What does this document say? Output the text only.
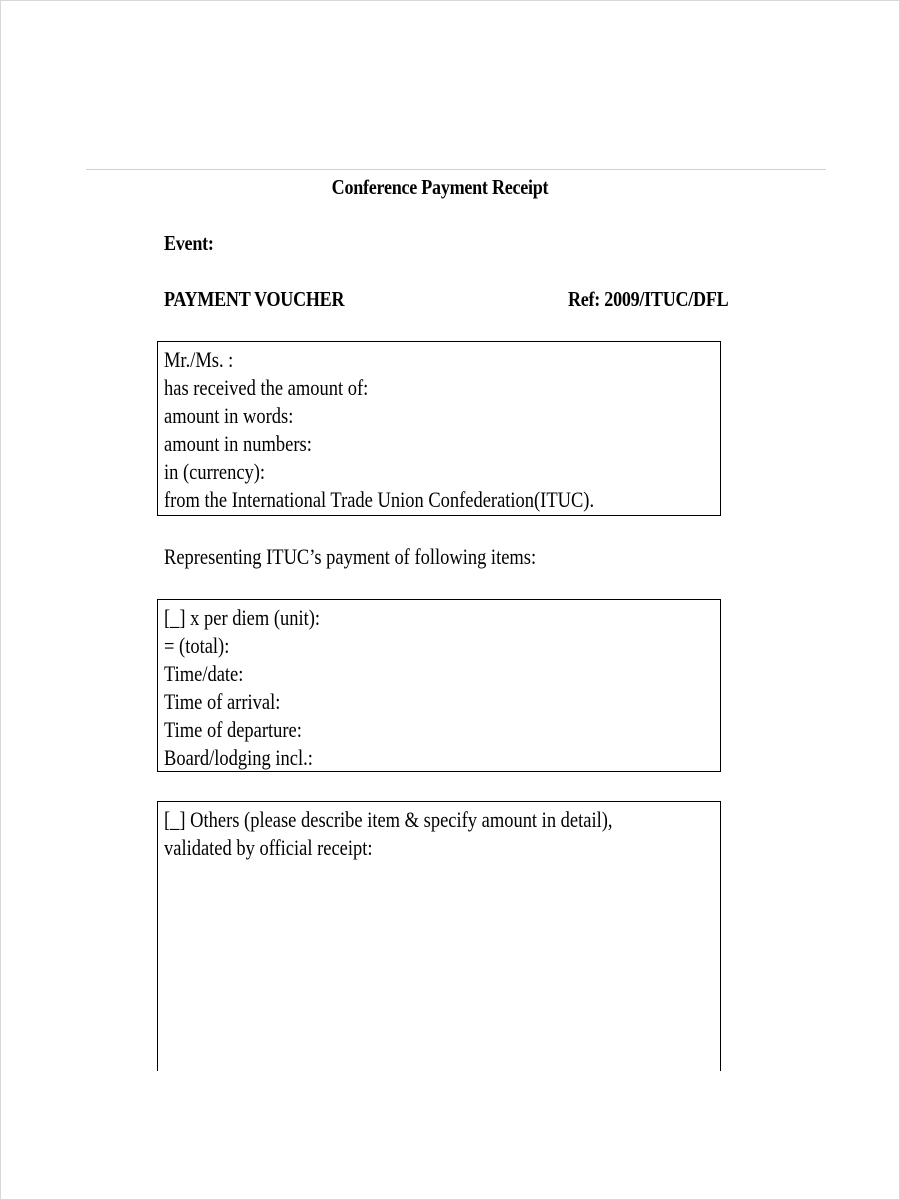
Conference Payment Receipt
Event:
PAYMENT VOUCHER	Ref: 2009/ITUC/DFL
Mr./Ms. :
has received the amount of:
amount in words:
amount in numbers:
in (currency):
from the International Trade Union Confederation(ITUC).
Representing ITUC’s payment of following items:
[_] x per diem (unit):
= (total):
Time/date:
Time of arrival:
Time of departure:
Board/lodging incl.:
[_] Others (please describe item & specify amount in detail), validated by official receipt:
